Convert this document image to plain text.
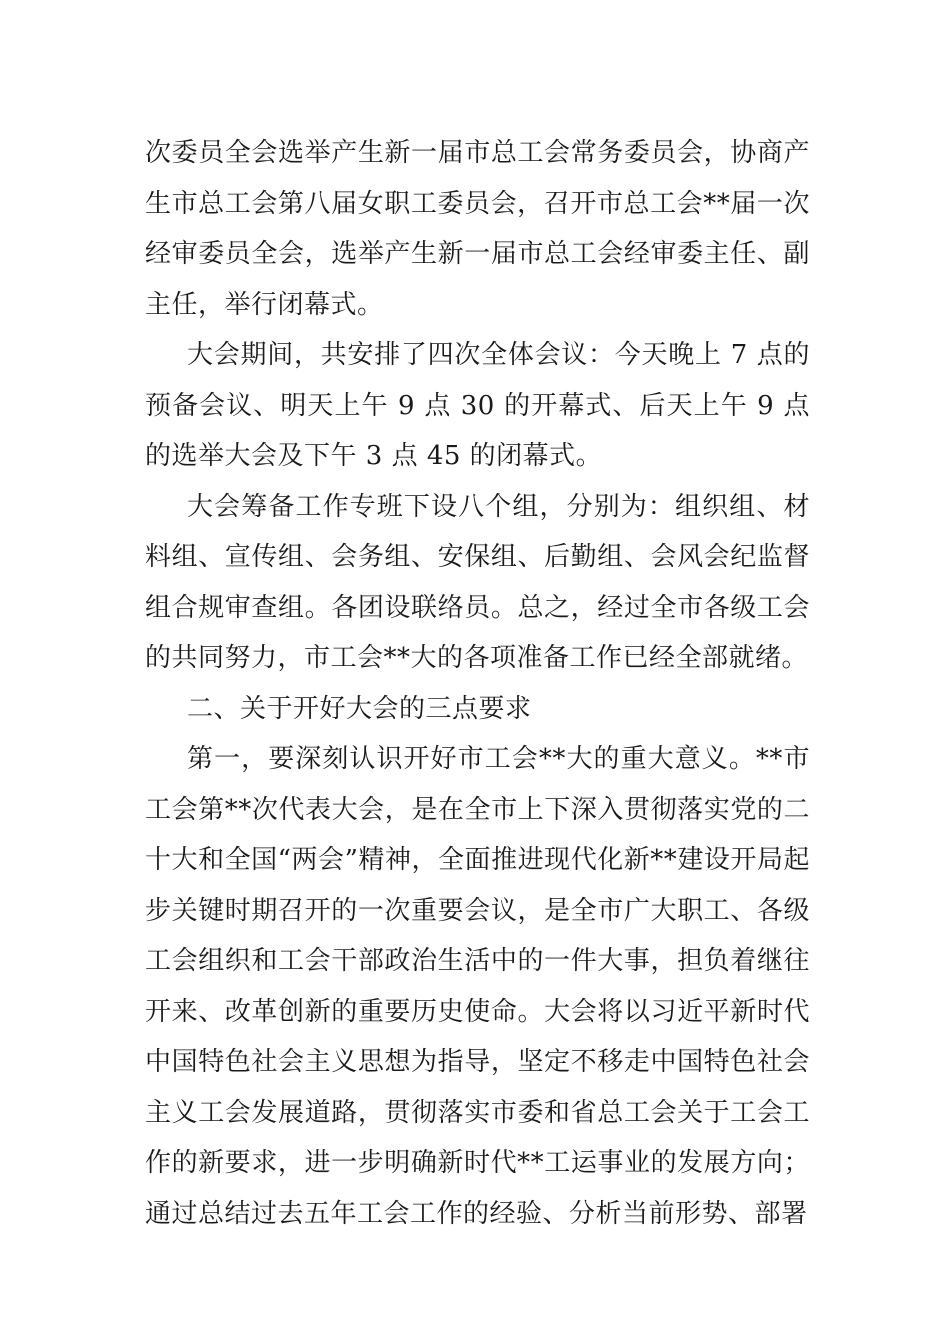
次委员全会选举产生新一届市总工会常务委员会，协商产生市总工会第八届女职工委员会，召开市总工会**届一次经审委员全会，选举产生新一届市总工会经审委主任、副主任，举行闭幕式。

大会期间，共安排了四次全体会议：今天晚上 7 点的预备会议、明天上午 9 点 30 的开幕式、后天上午 9 点的选举大会及下午 3 点 45 的闭幕式。

大会筹备工作专班下设八个组，分别为：组织组、材料组、宣传组、会务组、安保组、后勤组、会风会纪监督组合规审查组。各团设联络员。总之，经过全市各级工会的共同努力，市工会**大的各项准备工作已经全部就绪。

二、关于开好大会的三点要求

第一，要深刻认识开好市工会**大的重大意义。**市工会第**次代表大会，是在全市上下深入贯彻落实党的二十大和全国“两会”精神，全面推进现代化新**建设开局起步关键时期召开的一次重要会议，是全市广大职工、各级工会组织和工会干部政治生活中的一件大事，担负着继往开来、改革创新的重要历史使命。大会将以习近平新时代中国特色社会主义思想为指导，坚定不移走中国特色社会主义工会发展道路，贯彻落实市委和省总工会关于工会工作的新要求，进一步明确新时代**工运事业的发展方向；通过总结过去五年工会工作的经验、分析当前形势、部署
